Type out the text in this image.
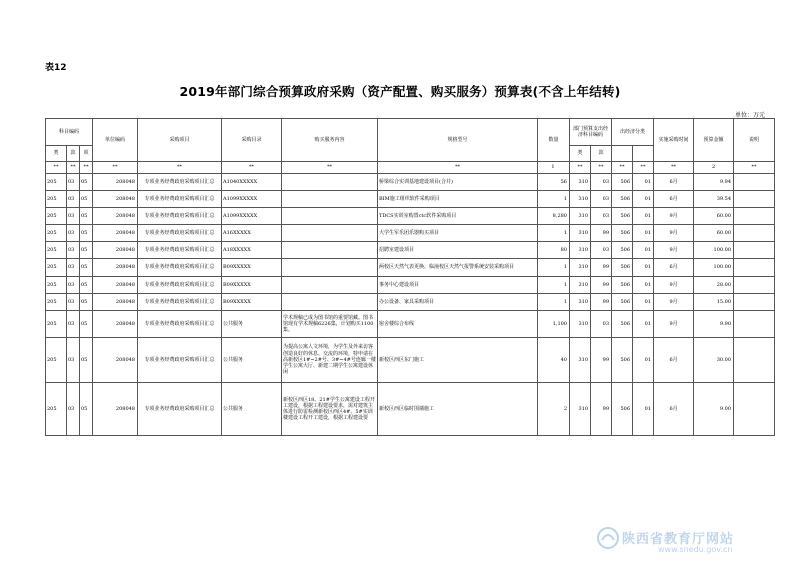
表12
2019年部门综合预算政府采购（资产配置、购买服务）预算表(不含上年结转)
单位：万元
科目编码			单位编码	采购项目	采购目录	购买服务内容	规格型号	数量	部门预算支出经济科目编码		出经济分类		实施采购时间	预算金额	说明
类	款	项							类	款					
**	**	**	**	**	**	**	**	1	**	**	**	**	**	2	**
205	03	05	208048	专项业务经费政府采购项目汇总	A1040XXXXX		桥梁综合实训基地建设项目(合并)	56	310	03	506	01	6月	9.94	
205	03	05	208048	专项业务经费政府采购项目汇总	A1099XXXXX		BIM施工组织软件采购项目	1	310	03	506	01	6月	39.54	
205	03	05	208048	专项业务经费政府采购项目汇总	A1099XXXXX		TDCS实训室购置ctc软件采购项目	8,280	310	03	506	01	9月	60.00	
205	03	05	208048	专项业务经费政府采购项目汇总	A16XXXXX		大学生军乐团乐器购买项目	1	310	99	506	01	9月	60.00	
205	03	05	208048	专项业务经费政府采购项目汇总	A18XXXXX		招聘室建设项目	80	310	03	506	01	9月	100.00	
205	03	05	208048	专项业务经费政府采购项目汇总	B09XXXXX		两校区天然气表更换、临潼校区天然气报警系统安装采购项目	1	310	99	506	01	6月	100.00	
205	03	05	208048	专项业务经费政府采购项目汇总	B09XXXXX		事务中心建设项目	1	310	99	506	01	9月	28.00	
205	03	05	208048	专项业务经费政府采购项目汇总	B09XXXXX		办公设备、家具采购项目	1	310	99	506	01	9月	15.00	
205	03	05	208048	专项业务经费政府采购项目汇总	公共服务	学术规稿已成为图书馆的重要馆藏。图书馆现有学术规稿6226集，计划购买1100集。	宿舍楼综合布线	1,100	310	03	506	01	9月	9.90	
205	03	05	208048	专项业务经费政府采购项目汇总	公共服务	为提高公寓人文环境，为学生及外来访客创造良好的休息、交流的环境，特申请在高新校区1#~2#号、3#~4#号连廊一楼学生公寓大厅、新建二期学生公寓建设休闲	新校区西区东门施工	40	310	99	506	01	6月	30.00	
205	03	05	208048	专项业务经费政府采购项目汇总	公共服务	新校区西区18、21#学生公寓建设工程开工建设，根据工程建设要求，需对建筑主体进行防雷检测新校区西区4#、5#实训楼建设工程开工建设，根据工程建设要	新校区西区临时围墙施工	2	310	99	506	01	6月	9.00	
陕西省教育厅网站
www.snedu.gov.cn
